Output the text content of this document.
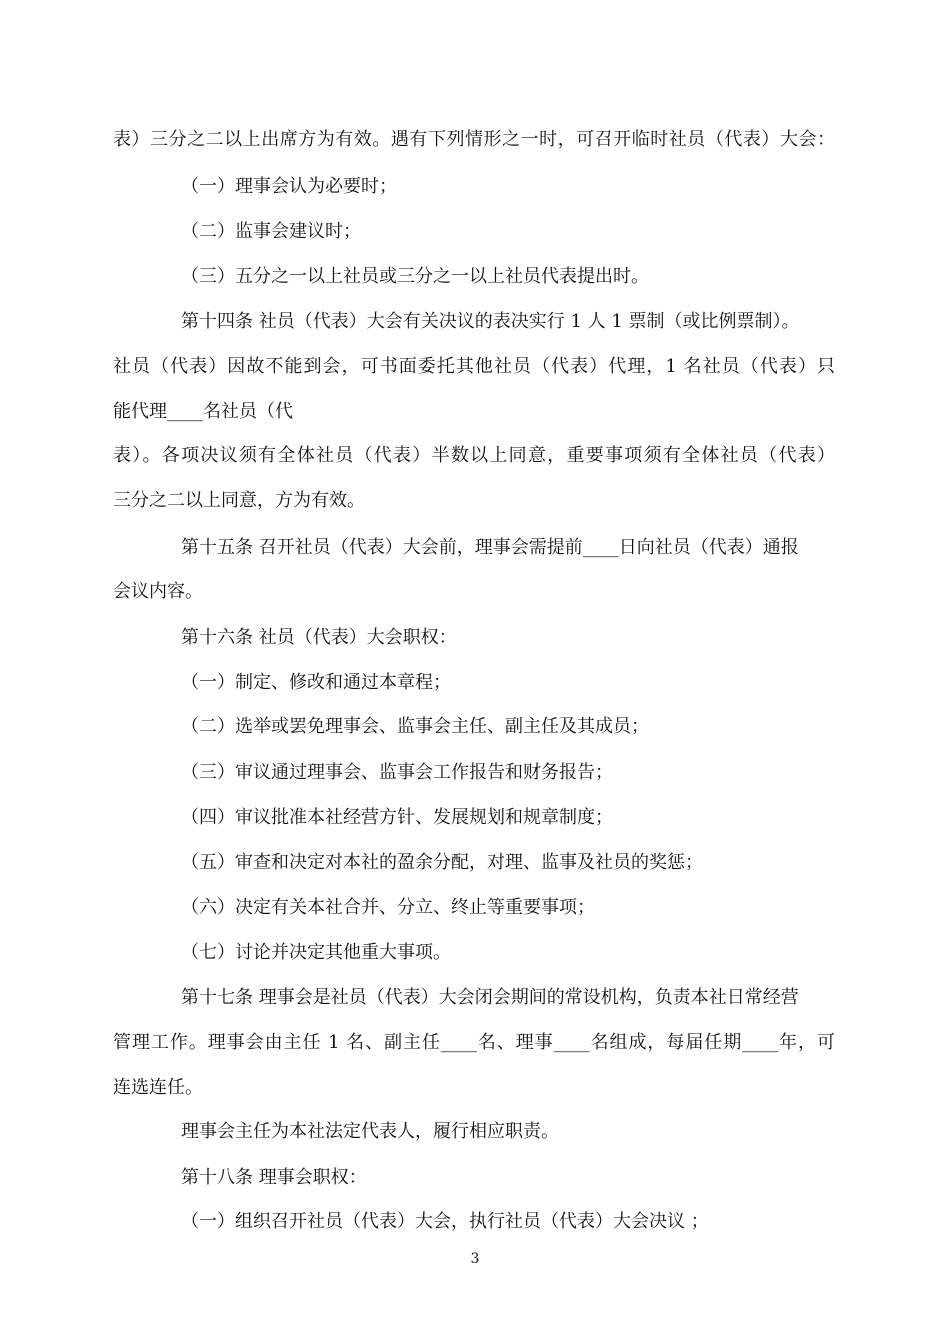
表）三分之二以上出席方为有效。遇有下列情形之一时，可召开临时社员（代表）大会：
（一）理事会认为必要时；
（二）监事会建议时；
（三）五分之一以上社员或三分之一以上社员代表提出时。
第十四条 社员（代表）大会有关决议的表决实行 1 人 1 票制（或比例票制）。
社员（代表）因故不能到会，可书面委托其他社员（代表）代理，1 名社员（代表）只
能代理____名社员（代
表）。各项决议须有全体社员（代表）半数以上同意，重要事项须有全体社员（代表）
三分之二以上同意，方为有效。
第十五条 召开社员（代表）大会前，理事会需提前____日向社员（代表）通报
会议内容。
第十六条 社员（代表）大会职权：
（一）制定、修改和通过本章程；
（二）选举或罢免理事会、监事会主任、副主任及其成员；
（三）审议通过理事会、监事会工作报告和财务报告；
（四）审议批准本社经营方针、发展规划和规章制度；
（五）审查和决定对本社的盈余分配，对理、监事及社员的奖惩；
（六）决定有关本社合并、分立、终止等重要事项；
（七）讨论并决定其他重大事项。
第十七条 理事会是社员（代表）大会闭会期间的常设机构，负责本社日常经营
管理工作。理事会由主任 1 名、副主任____名、理事____名组成，每届任期____年，可
连选连任。
理事会主任为本社法定代表人，履行相应职责。
第十八条 理事会职权：
（一）组织召开社员（代表）大会，执行社员（代表）大会决议 ；
3
